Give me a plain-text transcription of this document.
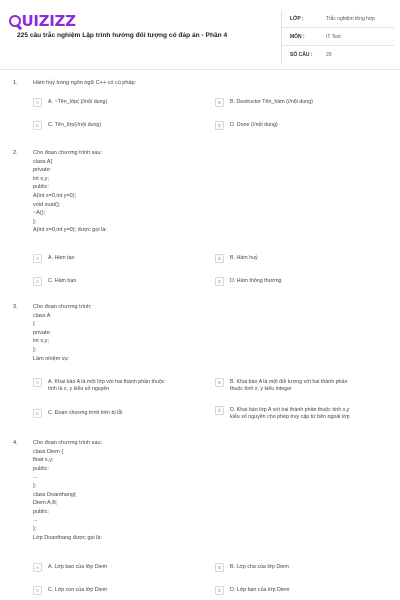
UIZIZZ
225 câu trắc nghiệm Lập trình hướng đối tượng có đáp án - Phần 4
LỚP :	Trắc nghiệm tổng hợp
MÔN :	IT Test
SỐ CÂU :	20
1.	Hàm huỷ trong ngôn ngữ C++ có cú pháp:
A	A. ~Tên_lớp( )//nội dung)	B	B. Destructor Tên_hàm (//nội dung)
C	C. Tên_lớp(//nội dung)	D	D. Done (//nội dung)
2.	Cho đoạn chương trình sau:
class A{
private:
int x,y;
public:
A(int x=0,int y=0);
void xuat();
~A();
};
A(int x=0,int y=0); được gọi là:
A	A. Hàm tạo	B	B. Hàm huỷ
C	C. Hàm bạn	D	D. Hàm thông thường
3.	Cho đoạn chương trình:
class A
{
private:
int x,y;
};
Làm nhiệm vụ:
A	A. Khai báo A là một lớp với hai thành phần thuộc
tính là x, y kiểu số nguyên
B	B. Khai báo A là một đối tượng với hai thành phần
thuộc tính x, y kiểu integer
C	C. Đoạn chương trình trên bị lỗi	D	D. Khai báo lớp A với hai thành phần thuộc tính x,y
kiểu số nguyên cho phép truy cập từ bên ngoài lớp
4.	Cho đoạn chương trình sau:
class Diem {
float x,y;
public:
...
};
class Doanthang{
Diem A,B;
public:
...
};
Lớp Doanthang được gọi là:
A	A. Lớp bao của lớp Diem	B	B. Lớp cha của lớp Diem
C	C. Lớp con của lớp Diem	D	D. Lớp bạn của lớp Diem
